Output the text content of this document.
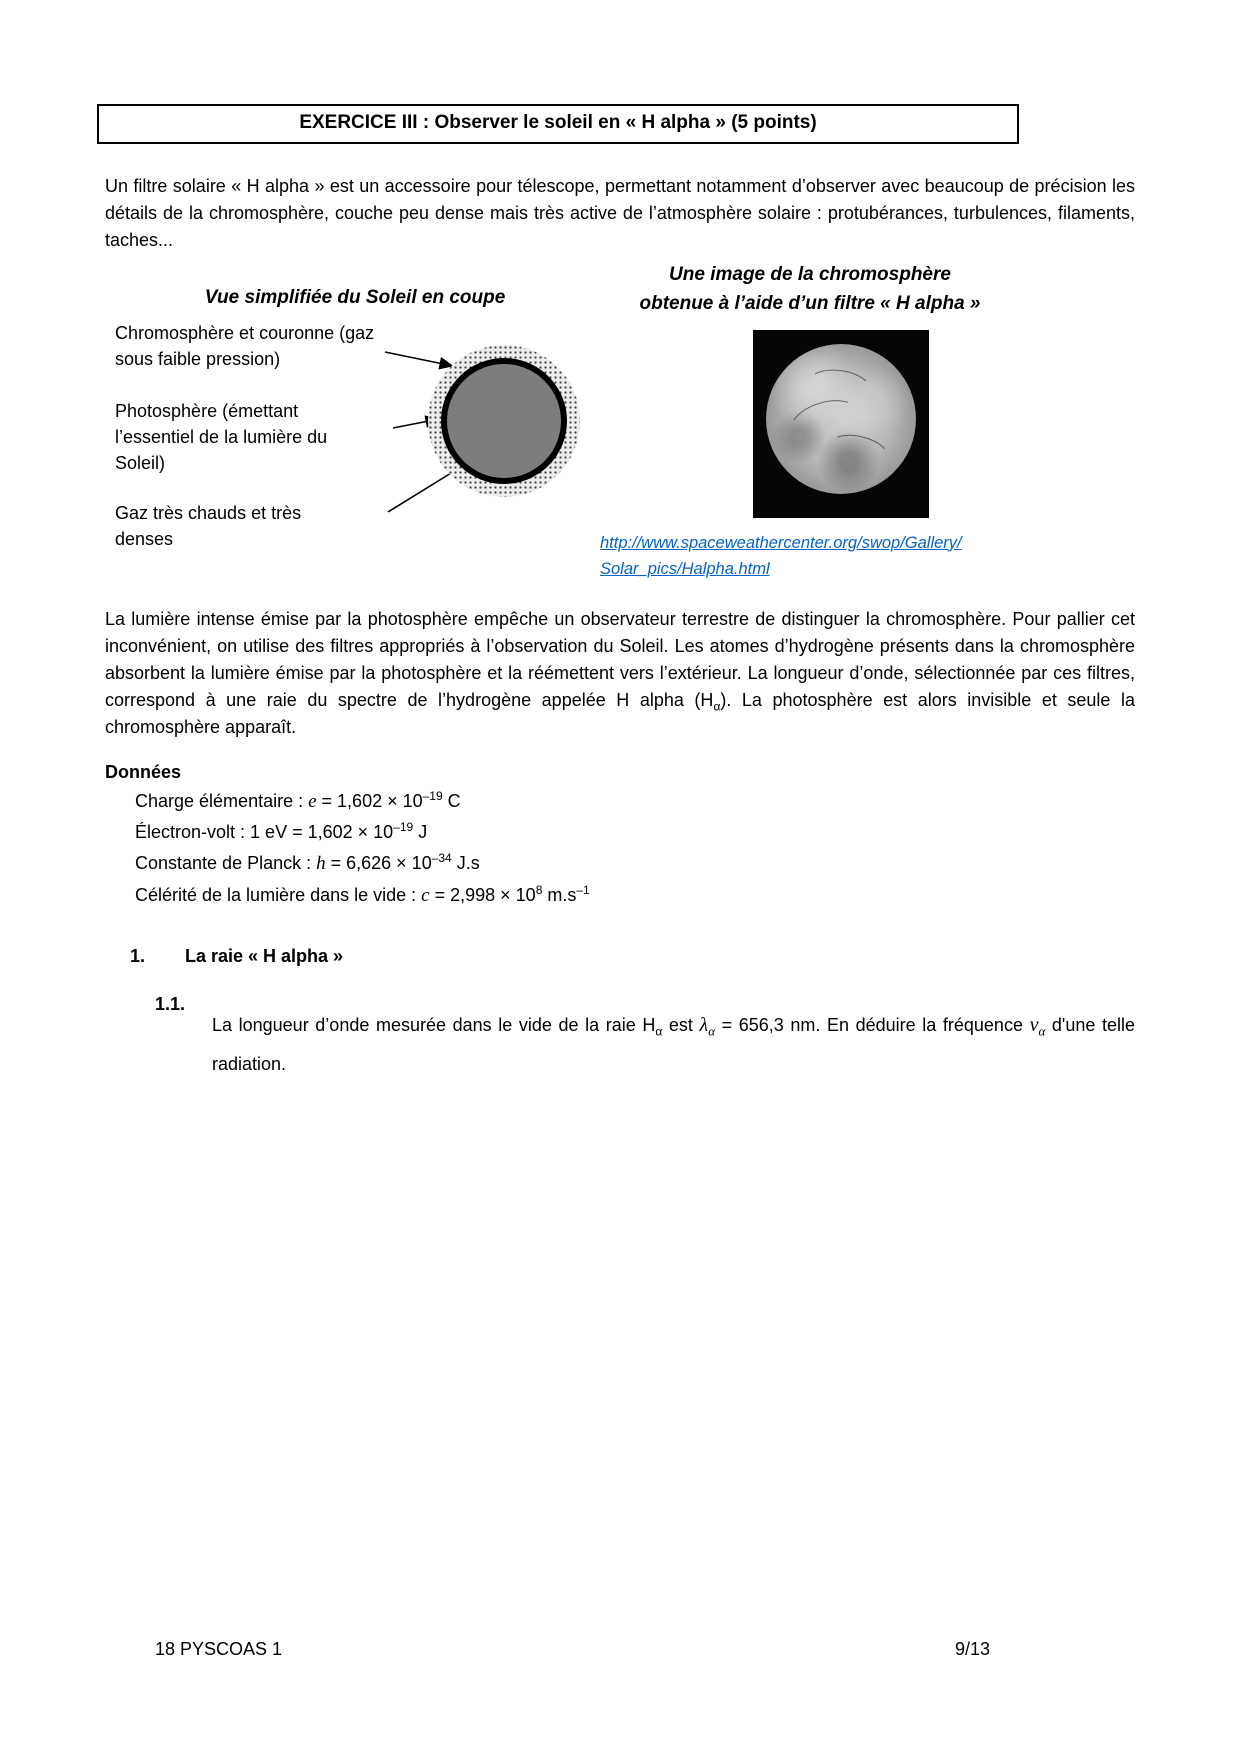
EXERCICE III : Observer le soleil en « H alpha » (5 points)

Un filtre solaire « H alpha » est un accessoire pour télescope, permettant notamment d’observer avec beaucoup de précision les détails de la chromosphère, couche peu dense mais très active de l’atmosphère solaire : protubérances, turbulences, filaments, taches...

Vue simplifiée du Soleil en coupe
Chromosphère et couronne (gaz sous faible pression)
Photosphère (émettant l’essentiel de la lumière du Soleil)
Gaz très chauds et très denses
Une image de la chromosphère
obtenue à l’aide d’un filtre « H alpha »
http://www.spaceweathercenter.org/swop/Gallery/
Solar_pics/Halpha.html

La lumière intense émise par la photosphère empêche un observateur terrestre de distinguer la chromosphère. Pour pallier cet inconvénient, on utilise des filtres appropriés à l’observation du Soleil. Les atomes d’hydrogène présents dans la chromosphère absorbent la lumière émise par la photosphère et la réémettent vers l’extérieur. La longueur d’onde, sélectionnée par ces filtres, correspond à une raie du spectre de l’hydrogène appelée H alpha $(H_\alpha)$. La photosphère est alors invisible et seule la chromosphère apparaît.

Données
Charge élémentaire : $e = 1,602 \times 10^{-19}$ C
Électron-volt : 1 eV = $1,602 \times 10^{-19}$ J
Constante de Planck : $h = 6,626 \times 10^{-34}$ J.s
Célérité de la lumière dans le vide : $c = 2,998 \times 10^8$ $m.s^{-1}$
1.	La raie « H alpha »
1.1.

La longueur d’onde mesurée dans le vide de la raie $H_\alpha$ est $\lambda_\alpha = 656,3$ nm. En déduire la fréquence $\nu_\alpha$ d'une telle radiation.

18 PYSCOAS 1	9/13
